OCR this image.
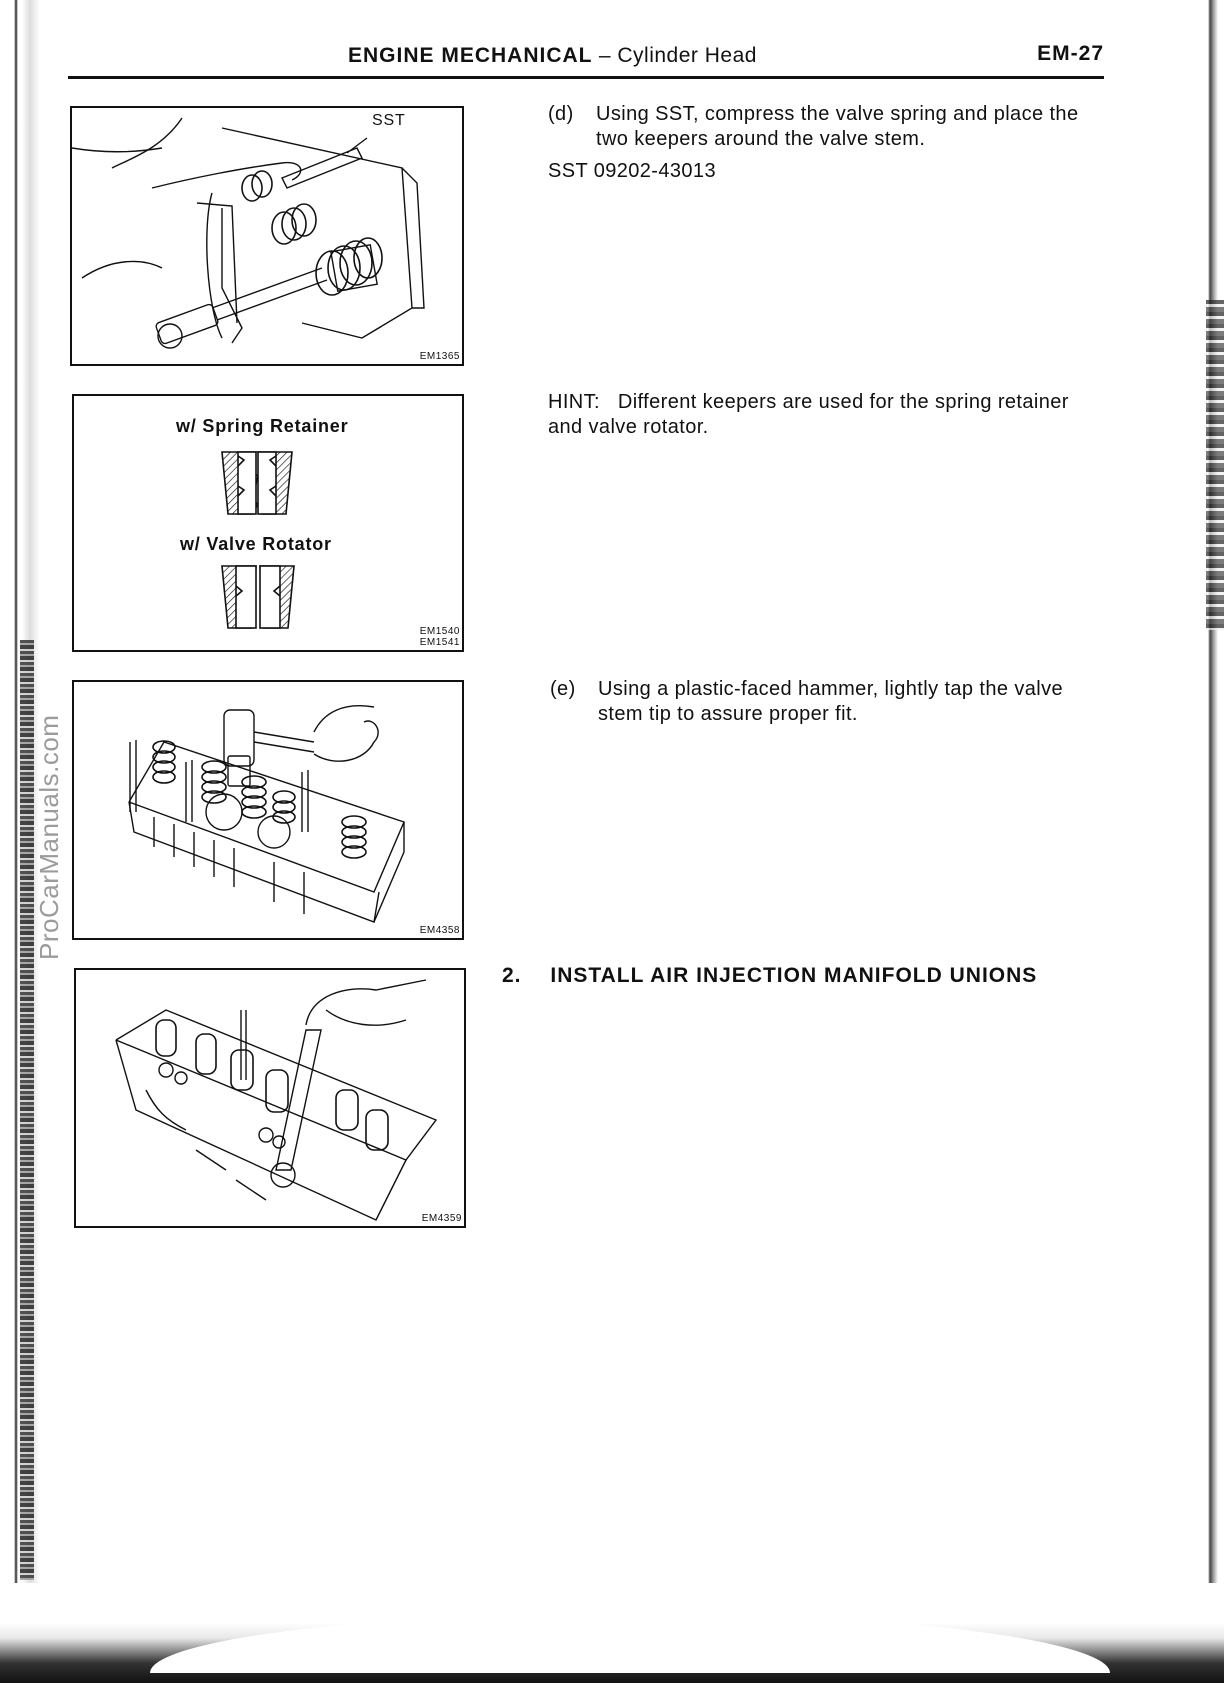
ProCarManuals.com
ENGINE MECHANICAL – Cylinder Head	EM-27
SST
EM1365
w/ Spring Retainer
w/ Valve Rotator
EM1540
EM1541
EM4358
EM4359
(d) Using SST, compress the valve spring and place the
two keepers around the valve stem.
SST 09202-43013
HINT: Different keepers are used for the spring retainer
and valve rotator.
(e) Using a plastic-faced hammer, lightly tap the valve
stem tip to assure proper fit.
2. INSTALL AIR INJECTION MANIFOLD UNIONS
